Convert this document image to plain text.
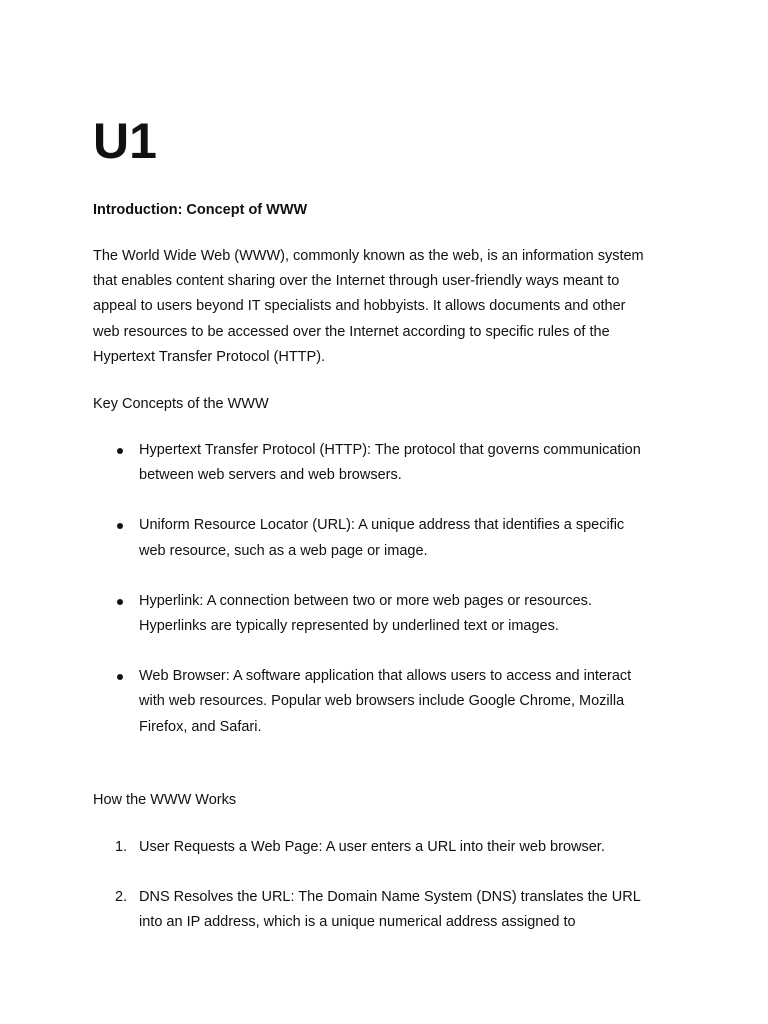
U1

Introduction: Concept of WWW

The World Wide Web (WWW), commonly known as the web, is an information system that enables content sharing over the Internet through user-friendly ways meant to appeal to users beyond IT specialists and hobbyists. It allows documents and other web resources to be accessed over the Internet according to specific rules of the Hypertext Transfer Protocol (HTTP).

Key Concepts of the WWW

Hypertext Transfer Protocol (HTTP): The protocol that governs communication between web servers and web browsers.
Uniform Resource Locator (URL): A unique address that identifies a specific web resource, such as a web page or image.
Hyperlink: A connection between two or more web pages or resources. Hyperlinks are typically represented by underlined text or images.
Web Browser: A software application that allows users to access and interact with web resources. Popular web browsers include Google Chrome, Mozilla Firefox, and Safari.

How the WWW Works

1. User Requests a Web Page: A user enters a URL into their web browser.
2. DNS Resolves the URL: The Domain Name System (DNS) translates the URL into an IP address, which is a unique numerical address assigned to
